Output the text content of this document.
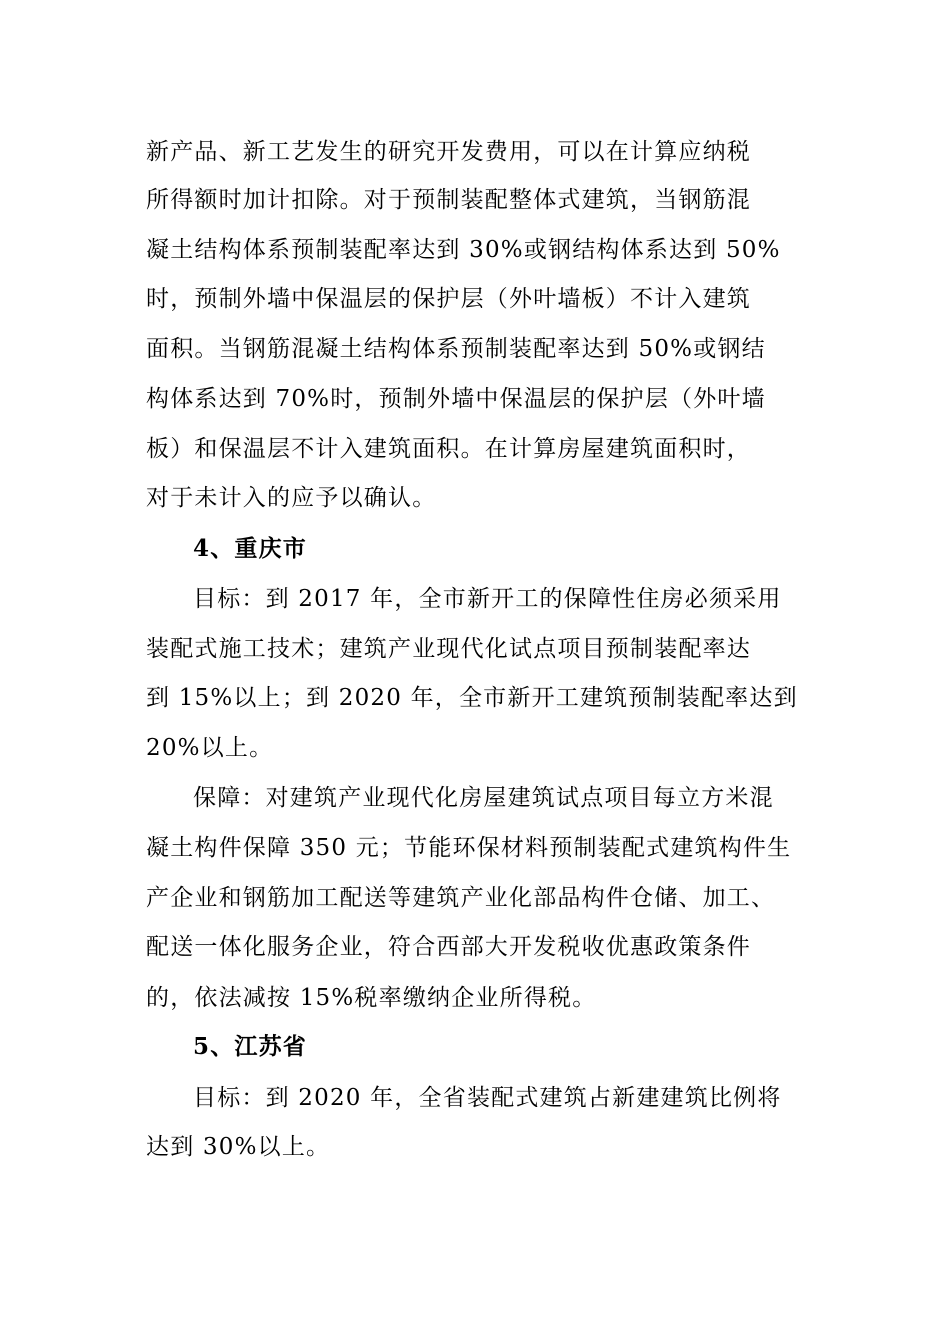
新产品、新工艺发生的研究开发费用，可以在计算应纳税
所得额时加计扣除。对于预制装配整体式建筑，当钢筋混
凝土结构体系预制装配率达到 30%或钢结构体系达到 50%
时，预制外墙中保温层的保护层（外叶墙板）不计入建筑
面积。当钢筋混凝土结构体系预制装配率达到 50%或钢结
构体系达到 70%时，预制外墙中保温层的保护层（外叶墙
板）和保温层不计入建筑面积。在计算房屋建筑面积时，
对于未计入的应予以确认。
4、重庆市
目标：到 2017 年，全市新开工的保障性住房必须采用
装配式施工技术；建筑产业现代化试点项目预制装配率达
到 15%以上；到 2020 年，全市新开工建筑预制装配率达到
20%以上。
保障：对建筑产业现代化房屋建筑试点项目每立方米混
凝土构件保障 350 元；节能环保材料预制装配式建筑构件生
产企业和钢筋加工配送等建筑产业化部品构件仓储、加工、
配送一体化服务企业，符合西部大开发税收优惠政策条件
的，依法减按 15%税率缴纳企业所得税。
5、江苏省
目标：到 2020 年，全省装配式建筑占新建建筑比例将
达到 30%以上。
